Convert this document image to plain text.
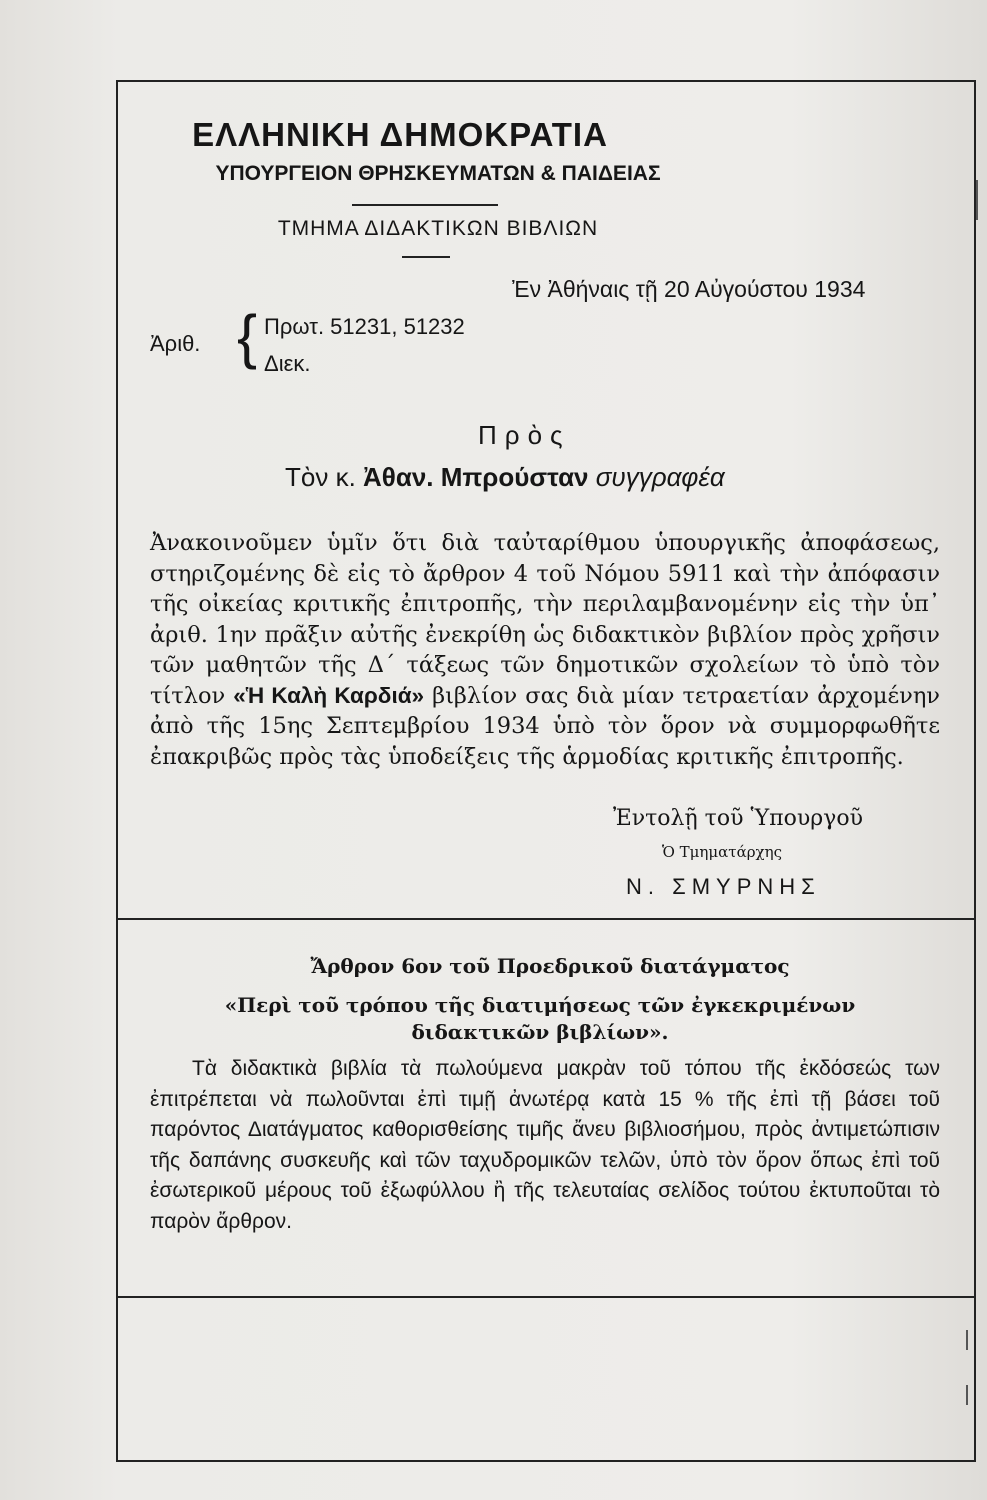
ΕΛΛΗΝΙΚΗ ΔΗΜΟΚΡΑΤΙΑ
ΥΠΟΥΡΓΕΙΟΝ ΘΡΗΣΚΕΥΜΑΤΩΝ & ΠΑΙΔΕΙΑΣ
ΤΜΗΜΑ ΔΙΔΑΚΤΙΚΩΝ ΒΙΒΛΙΩΝ
Ἐν Ἀθήναις τῇ 20 Αὐγούστου 1934
Ἀριθ. { Πρωτ. 51231, 51232
Διεκ.
Πρὸς
Τὸν κ. Ἀθαν. Μπρούσταν συγγραφέα
Ἀνακοινοῦμεν ὑμῖν ὅτι διὰ ταὐταρίθμου ὑπουργικῆς ἀποφάσεως, στηριζομένης δὲ εἰς τὸ ἄρθρον 4 τοῦ Νόμου 5911 καὶ τὴν ἀπόφασιν τῆς οἰκείας κριτικῆς ἐπιτροπῆς, τὴν περιλαμβανομένην εἰς τὴν ὑπ᾽ ἀριθ. 1ην πρᾶξιν αὐτῆς ἐνεκρίθη ὡς διδακτικὸν βιβλίον πρὸς χρῆσιν τῶν μαθητῶν τῆς Δ΄ τάξεως τῶν δημοτικῶν σχολείων τὸ ὑπὸ τὸν τίτλον «Ἡ Καλὴ Καρδιά» βιβλίον σας διὰ μίαν τετραετίαν ἀρχομένην ἀπὸ τῆς 15ης Σεπτεμβρίου 1934 ὑπὸ τὸν ὅρον νὰ συμμορφωθῆτε ἐπακριβῶς πρὸς τὰς ὑποδείξεις τῆς ἁρμοδίας κριτικῆς ἐπιτροπῆς.
Ἐντολῇ τοῦ Ὑπουργοῦ
Ὁ Τμηματάρχης
Ν. ΣΜΥΡΝΗΣ
Ἄρθρον 6ον τοῦ Προεδρικοῦ διατάγματος
«Περὶ τοῦ τρόπου τῆς διατιμήσεως τῶν ἐγκεκριμένων
διδακτικῶν βιβλίων».

Τὰ διδακτικὰ βιβλία τὰ πωλούμενα μακρὰν τοῦ τόπου τῆς ἐκδόσεώς των ἐπιτρέπεται νὰ πωλοῦνται ἐπὶ τιμῇ ἀνωτέρᾳ κατὰ 15 % τῆς ἐπὶ τῇ βάσει τοῦ παρόντος Διατάγματος καθορισθείσης τιμῆς ἄνευ βιβλιοσήμου, πρὸς ἀντιμετώπισιν τῆς δαπάνης συσκευῆς καὶ τῶν ταχυδρομικῶν τελῶν, ὑπὸ τὸν ὅρον ὅπως ἐπὶ τοῦ ἐσωτερικοῦ μέρους τοῦ ἐξωφύλλου ἢ τῆς τελευταίας σελίδος τούτου ἐκτυποῦται τὸ παρὸν ἄρθρον.
